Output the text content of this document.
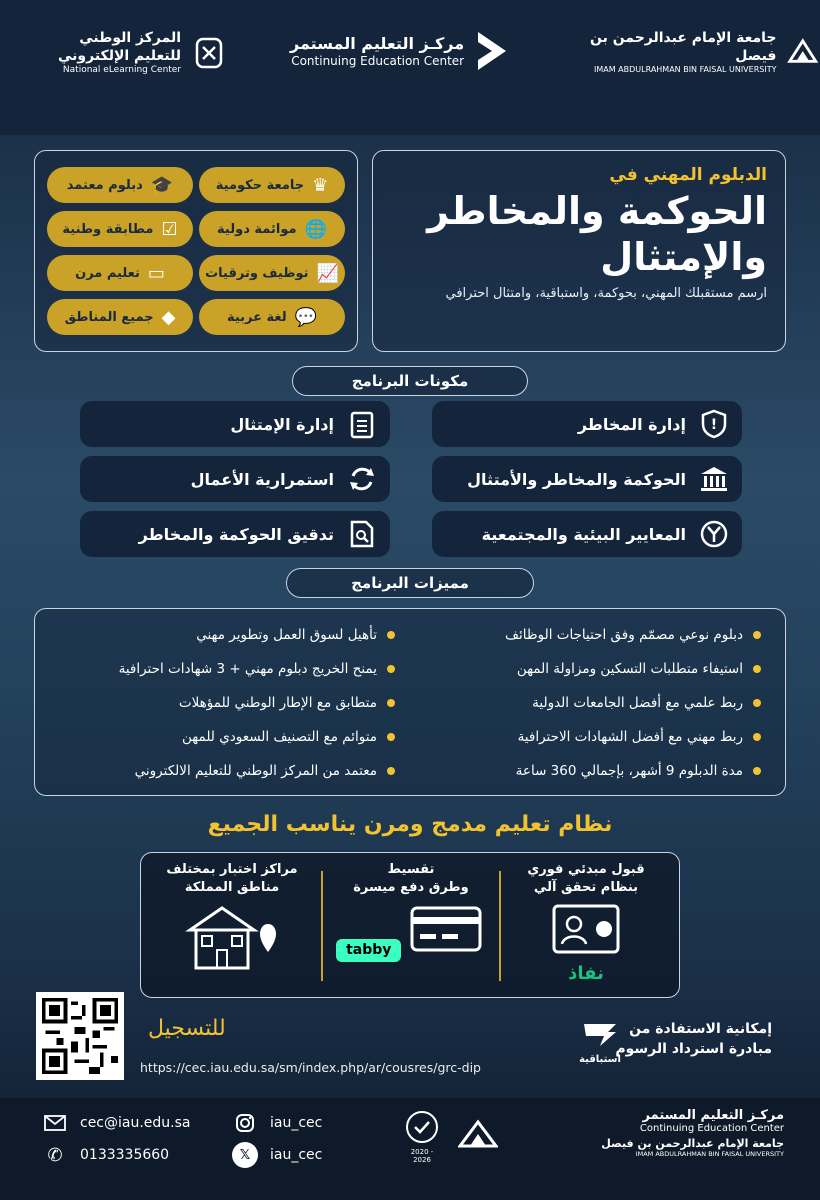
جامعة الإمام عبدالرحمن بن فيصل
IMAM ABDULRAHMAN BIN FAISAL UNIVERSITY
مركـز التعليم المستمر
Continuing Education Center
المركز الوطني
للتعليم الإلكتروني
National eLearning Center
الدبلوم المهني في
الحوكمة والمخاطر
والإمتثال
ارسم مستقبلك المهني، بحوكمة، واستباقية، وامتثال احترافي
♛
جامعة حكومية
🎓
دبلوم معتمد
🌐
موائمة دولية
☑
مطابقة وطنية
📈
توظيف وترقيات
▭
تعليم مرن
💬
لغة عربية
◆
جميع المناطق
مكونات البرنامج
!
إدارة المخاطر
إدارة الإمتثال
الحوكمة والمخاطر والأمتثال
استمرارية الأعمال
المعايير البيئية والمجتمعية
تدقيق الحوكمة والمخاطر
مميزات البرنامج
دبلوم نوعي مصمّم وفق احتياجات الوظائف
استيفاء متطلبات التسكين ومزاولة المهن
ربط علمي مع أفضل الجامعات الدولية
ربط مهني مع أفضل الشهادات الاحترافية
مدة الدبلوم 9 أشهر، بإجمالي 360 ساعة
تأهيل لسوق العمل وتطوير مهني
يمنح الخريج دبلوم مهني + 3 شهادات احترافية
متطابق مع الإطار الوطني للمؤهلات
متوائم مع التصنيف السعودي للمهن
معتمد من المركز الوطني للتعليم الالكتروني
نظام تعليم مدمج ومرن يناسب الجميع
قبول مبدئي فوري
بنظام تحقق آلي
نفاذ
تقسيط
وطرق دفع ميسرة
tabby
مراكز اختبار بمختلف
مناطق المملكة
للتسجيل
https://cec.iau.edu.sa/sm/index.php/ar/cousres/grc-dip
استباقية
إمكانية الاستفادة من
مبادرة استرداد الرسوم
cec@iau.edu.sa
✆	0133335660
iau_cec
𝕏	iau_cec	2020 - 2026
مركـز التعليم المستمر
Continuing Education Center
جامعة الإمام عبدالرحمن بن فيصل
IMAM ABDULRAHMAN BIN FAISAL UNIVERSITY
